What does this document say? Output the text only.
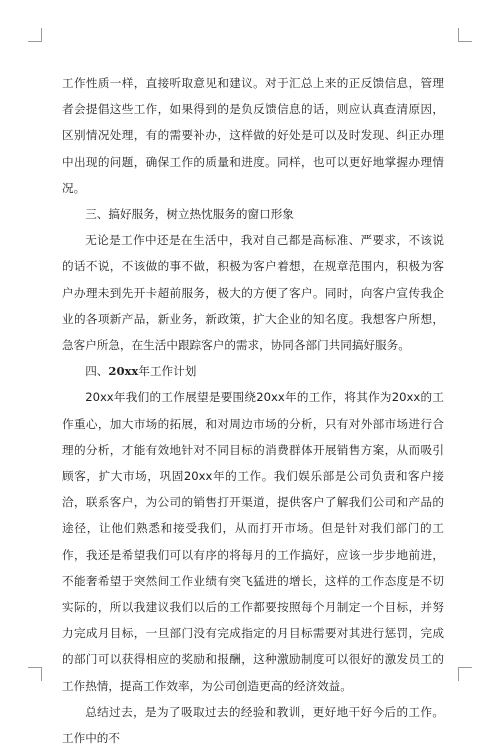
工作性质一样，直接听取意见和建议。对于汇总上来的正反馈信息，管理者会提倡这些工作，如果得到的是负反馈信息的话，则应认真查清原因，区别情况处理，有的需要补办，这样做的好处是可以及时发现、纠正办理中出现的问题，确保工作的质量和进度。同样，也可以更好地掌握办理情况。

三、搞好服务，树立热忱服务的窗口形象

无论是工作中还是在生活中，我对自己都是高标准、严要求，不该说的话不说，不该做的事不做，积极为客户着想，在规章范围内，积极为客户办理未到先开卡超前服务，极大的方便了客户。同时，向客户宣传我企业的各项新产品，新业务，新政策，扩大企业的知名度。我想客户所想，急客户所急，在生活中跟踪客户的需求，协同各部门共同搞好服务。

四、20xx年工作计划

20xx年我们的工作展望是要围绕20xx年的工作，将其作为20xx的工作重心，加大市场的拓展，和对周边市场的分析，只有对外部市场进行合理的分析，才能有效地针对不同目标的消费群体开展销售方案，从而吸引顾客，扩大市场，巩固20xx年的工作。我们娱乐部是公司负责和客户接洽，联系客户，为公司的销售打开渠道，提供客户了解我们公司和产品的途径，让他们熟悉和接受我们，从而打开市场。但是针对我们部门的工作，我还是希望我们可以有序的将每月的工作搞好，应该一步步地前进，不能奢希望于突然间工作业绩有突飞猛进的增长，这样的工作态度是不切实际的，所以我建议我们以后的工作都要按照每个月制定一个目标，并努力完成月目标，一旦部门没有完成指定的月目标需要对其进行惩罚，完成的部门可以获得相应的奖励和报酬，这种激励制度可以很好的激发员工的工作热情，提高工作效率，为公司创造更高的经济效益。

总结过去，是为了吸取过去的经验和教训，更好地干好今后的工作。工作中的不
